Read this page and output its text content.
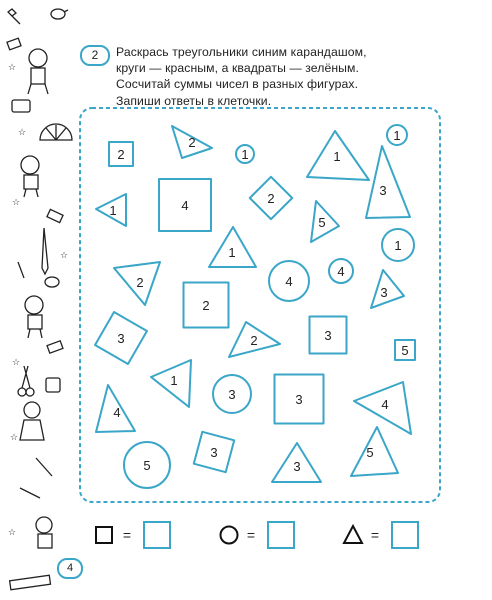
☆
☆
☆
☆
☆
☆
☆
2	Раскрась треугольники синим карандашом,
круги — красным, а квадраты — зелёным.
Сосчитай суммы чисел в разных фигурах.
Запиши ответы в клеточки.
2
2
1	1
1
1	4	2
3
1
5
1
2
4
4
2
3
3
2
3
5
1
3	3	4
4
3
5	3
5
=	=	=
4
